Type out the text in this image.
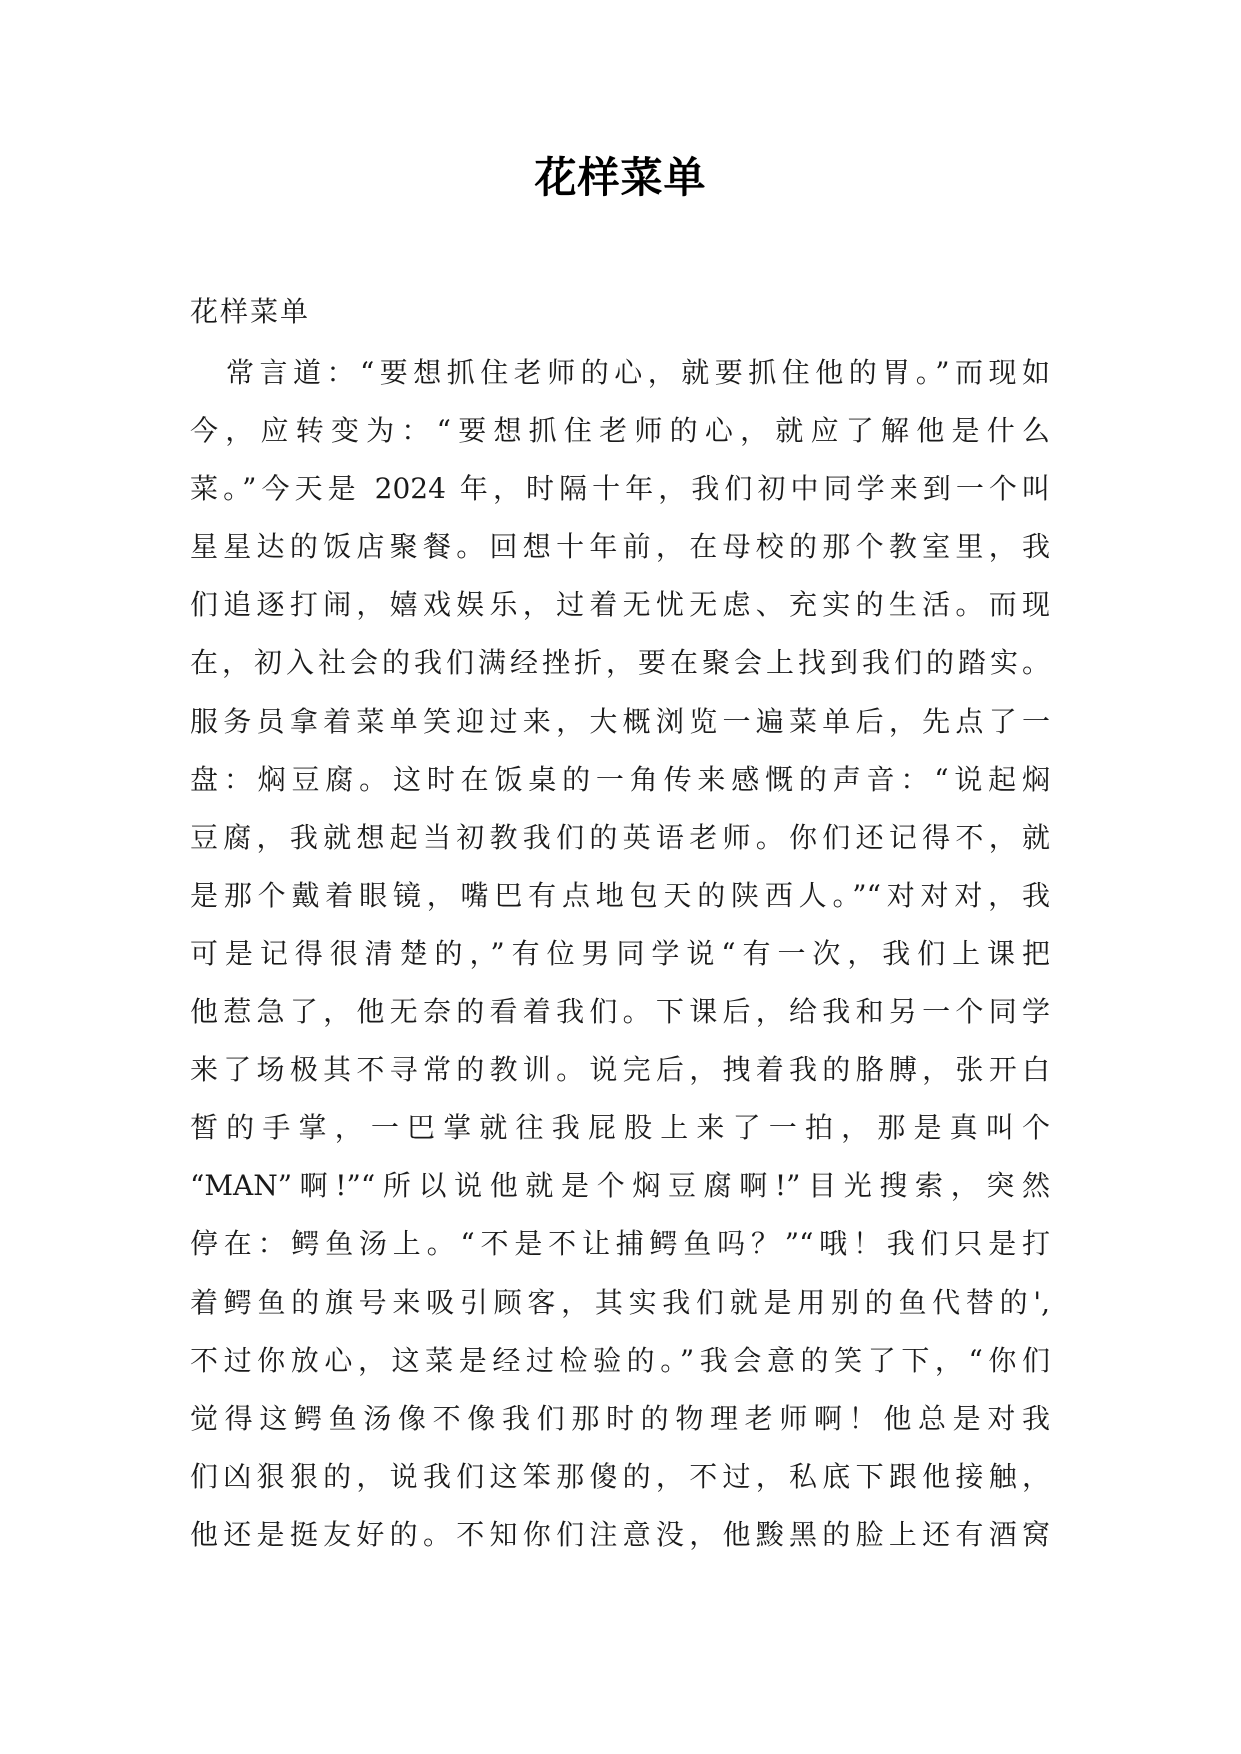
花样菜单
花样菜单
常言道：“要想抓住老师的心，就要抓住他的胃。”而现如
今，应转变为：“要想抓住老师的心，就应了解他是什么
菜。”今天是 2024 年，时隔十年，我们初中同学来到一个叫
星星达的饭店聚餐。回想十年前，在母校的那个教室里，我
们追逐打闹，嬉戏娱乐，过着无忧无虑、充实的生活。而现
在，初入社会的我们满经挫折，要在聚会上找到我们的踏实。
服务员拿着菜单笑迎过来，大概浏览一遍菜单后，先点了一
盘：焖豆腐。这时在饭桌的一角传来感慨的声音：“说起焖
豆腐，我就想起当初教我们的英语老师。你们还记得不，就
是那个戴着眼镜，嘴巴有点地包天的陕西人。”“对对对，我
可是记得很清楚的，”有位男同学说“有一次，我们上课把
他惹急了，他无奈的看着我们。下课后，给我和另一个同学
来了场极其不寻常的教训。说完后，拽着我的胳膊，张开白
皙的手掌，一巴掌就往我屁股上来了一拍，那是真叫个
“MAN”啊!”“所以说他就是个焖豆腐啊!”目光搜索，突然
停在：鳄鱼汤上。“不是不让捕鳄鱼吗？”“哦！我们只是打
着鳄鱼的旗号来吸引顾客，其实我们就是用别的鱼代替的',
不过你放心，这菜是经过检验的。”我会意的笑了下，“你们
觉得这鳄鱼汤像不像我们那时的物理老师啊！他总是对我
们凶狠狠的，说我们这笨那傻的，不过，私底下跟他接触，
他还是挺友好的。不知你们注意没，他黢黑的脸上还有酒窝
